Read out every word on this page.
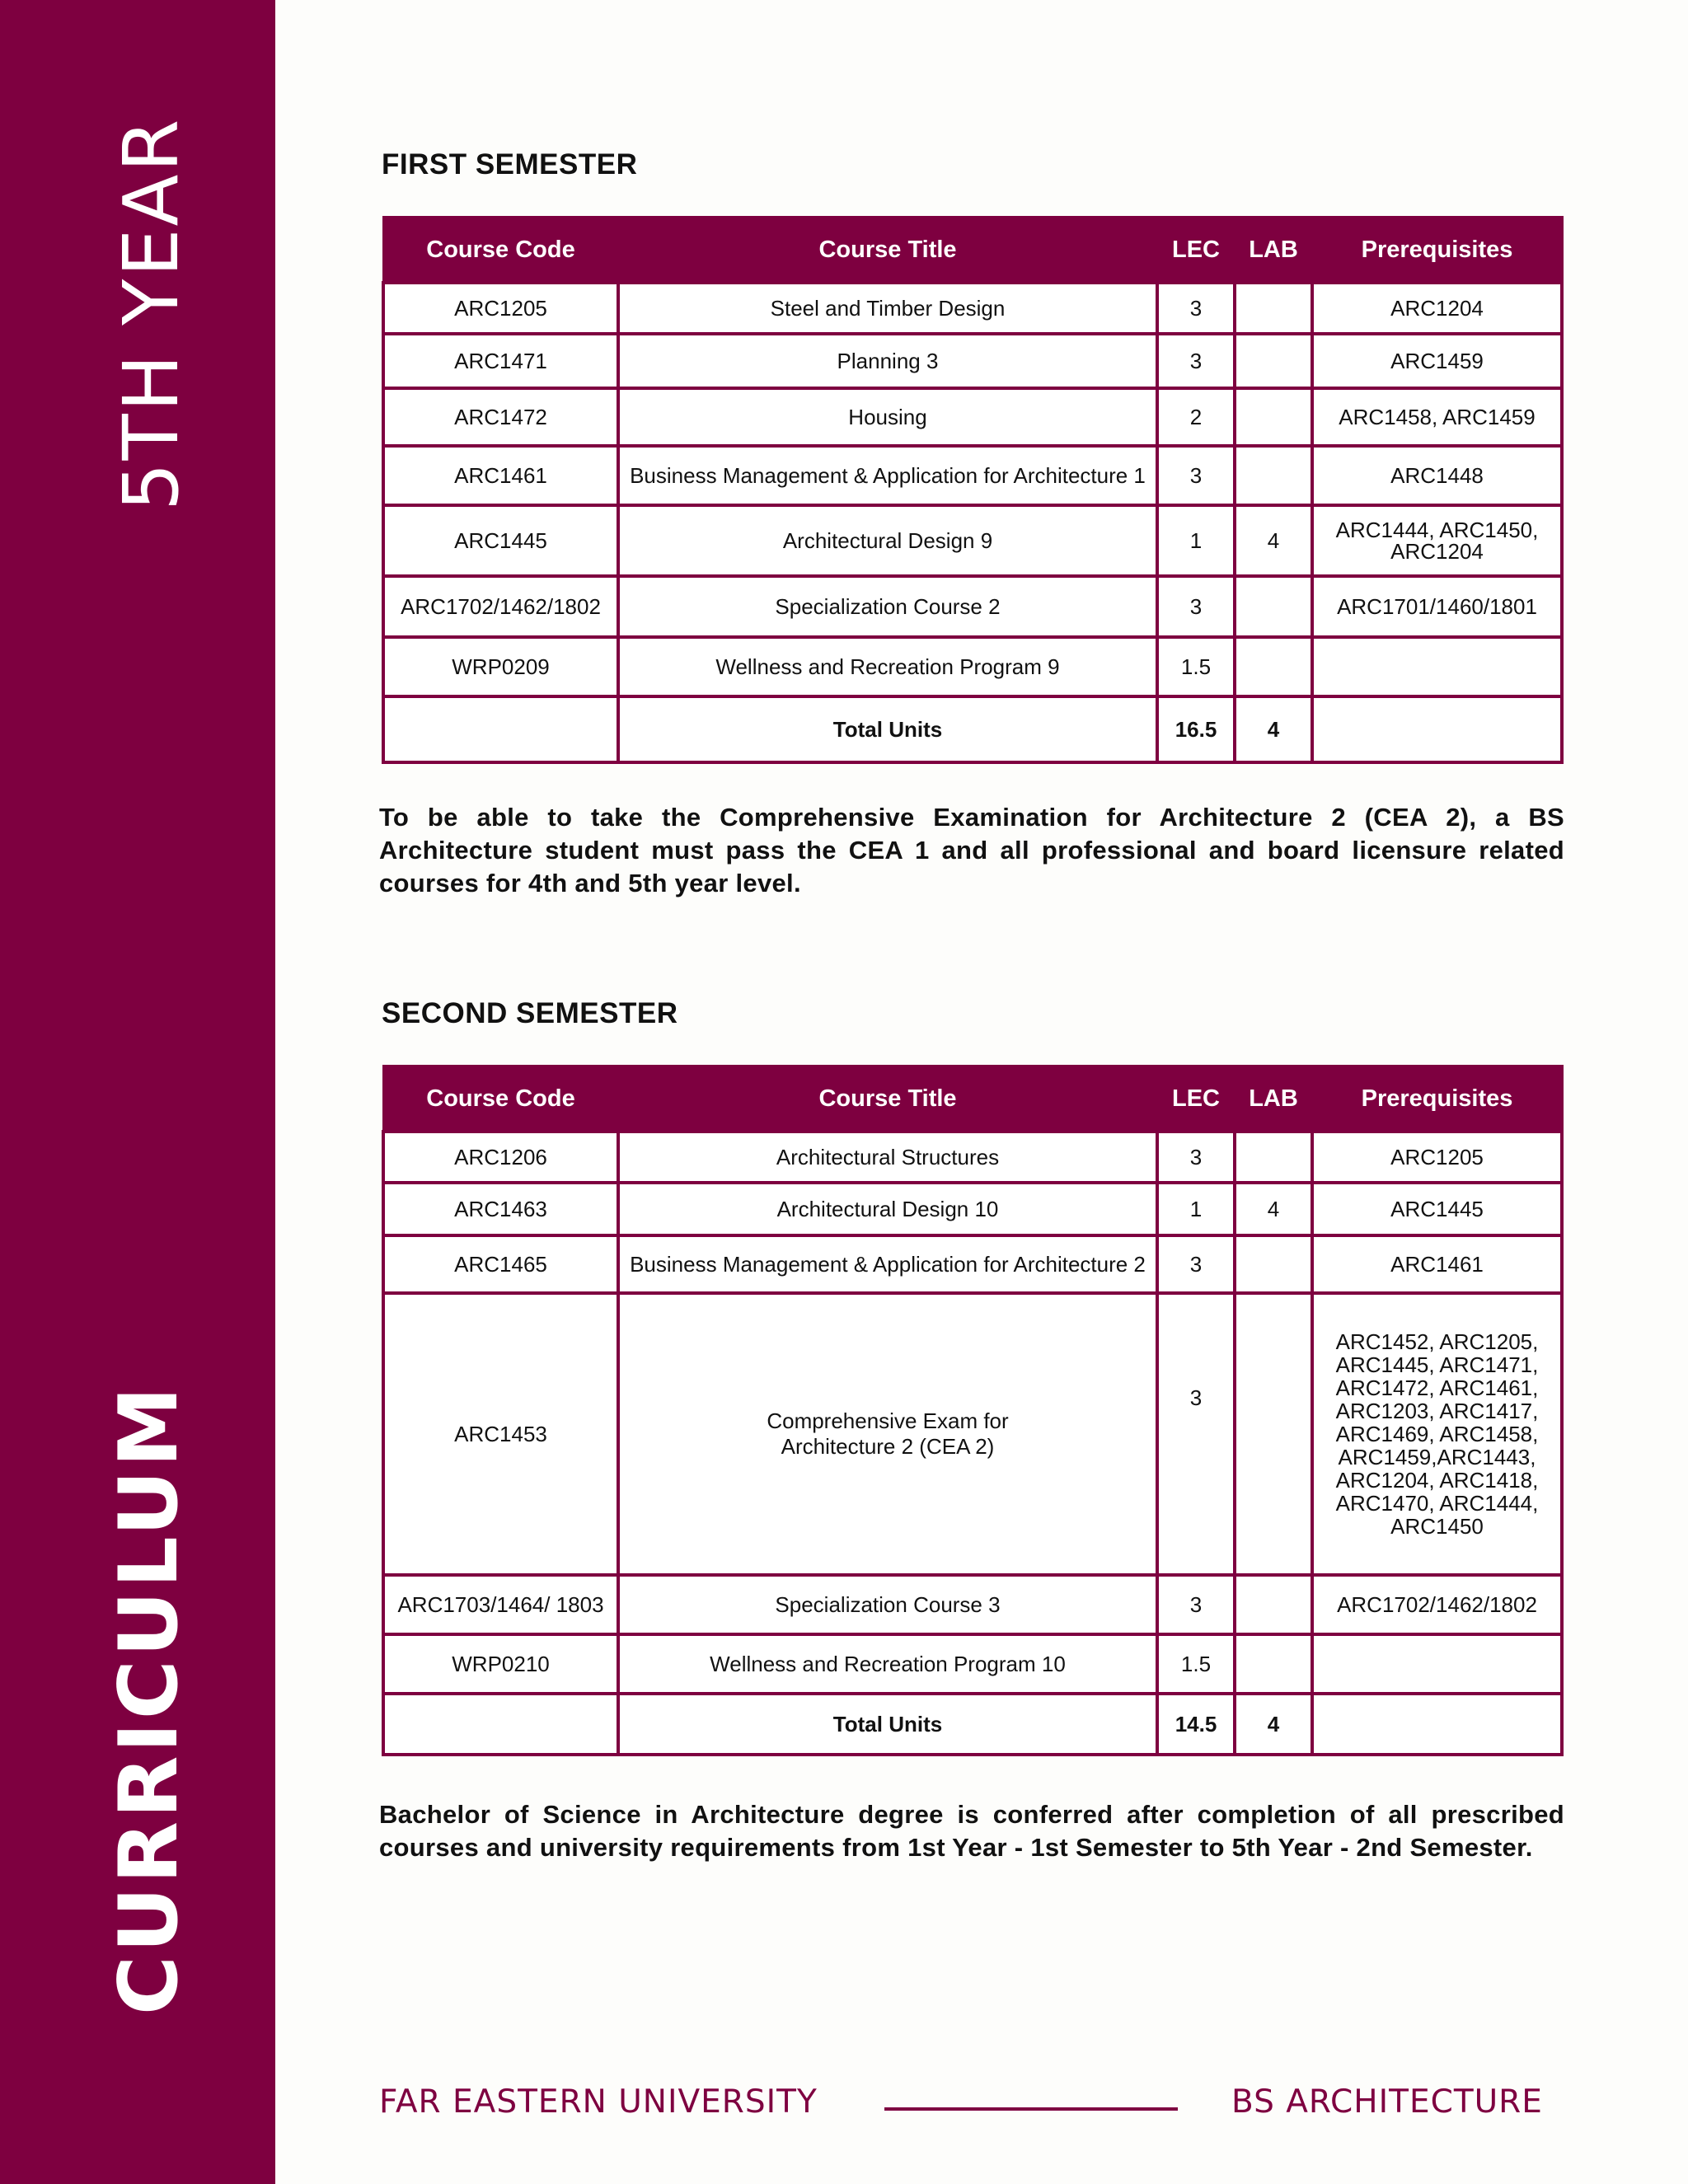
5TH YEAR
CURRICULUM
FIRST SEMESTER
Course Code	Course Title	LEC	LAB	Prerequisites
ARC1205	Steel and Timber Design	3		ARC1204
ARC1471	Planning 3	3		ARC1459
ARC1472	Housing	2		ARC1458, ARC1459
ARC1461	Business Management & Application for Architecture 1	3		ARC1448
ARC1445	Architectural Design 9	1	4	ARC1444, ARC1450, ARC1204
ARC1702/1462/1802	Specialization Course 2	3		ARC1701/1460/1801
WRP0209	Wellness and Recreation Program 9	1.5		
	Total Units	16.5	4	
To be able to take the Comprehensive Examination for Architecture 2 (CEA 2), a BS Architecture student must pass the CEA 1 and all professional and board licensure related courses for 4th and 5th year level.
SECOND SEMESTER
Course Code	Course Title	LEC	LAB	Prerequisites
ARC1206	Architectural Structures	3		ARC1205
ARC1463	Architectural Design 10	1	4	ARC1445
ARC1465	Business Management & Application for Architecture 2	3		ARC1461
ARC1453	Comprehensive Exam for Architecture 2 (CEA 2)	3		ARC1452, ARC1205, ARC1445, ARC1471, ARC1472, ARC1461, ARC1203, ARC1417, ARC1469, ARC1458, ARC1459,ARC1443, ARC1204, ARC1418, ARC1470, ARC1444, ARC1450
ARC1703/1464/ 1803	Specialization Course 3	3		ARC1702/1462/1802
WRP0210	Wellness and Recreation Program 10	1.5		
	Total Units	14.5	4	
Bachelor of Science in Architecture degree is conferred after completion of all prescribed courses and university requirements from 1st Year - 1st Semester to 5th Year - 2nd Semester.
FAR EASTERN UNIVERSITY	BS ARCHITECTURE
